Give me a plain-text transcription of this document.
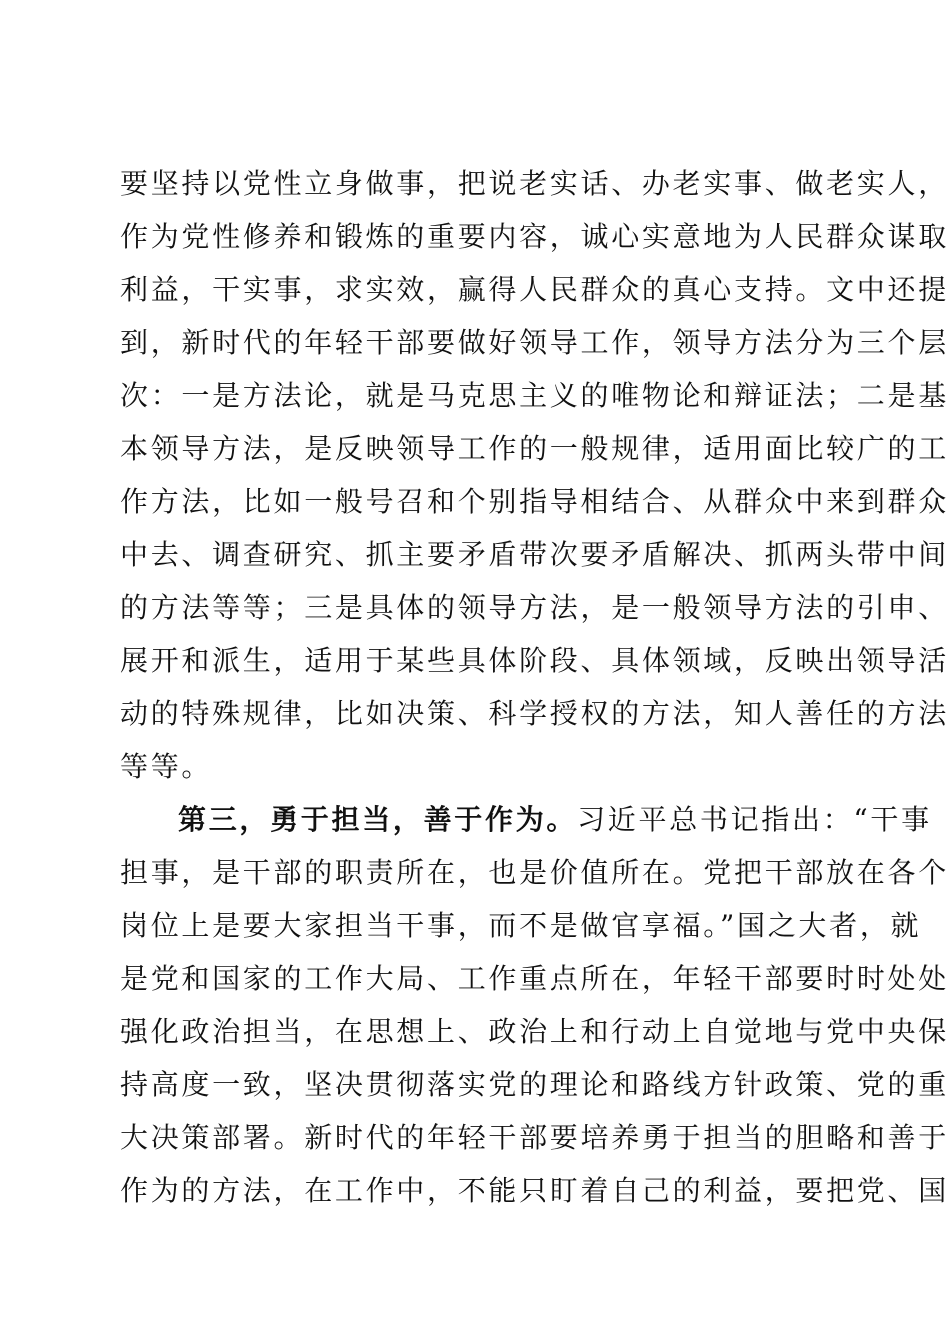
要坚持以党性立身做事，把说老实话、办老实事、做老实人，
作为党性修养和锻炼的重要内容，诚心实意地为人民群众谋取
利益，干实事，求实效，赢得人民群众的真心支持。文中还提
到，新时代的年轻干部要做好领导工作，领导方法分为三个层
次：一是方法论，就是马克思主义的唯物论和辩证法；二是基
本领导方法，是反映领导工作的一般规律，适用面比较广的工
作方法，比如一般号召和个别指导相结合、从群众中来到群众
中去、调查研究、抓主要矛盾带次要矛盾解决、抓两头带中间
的方法等等；三是具体的领导方法，是一般领导方法的引申、
展开和派生，适用于某些具体阶段、具体领域，反映出领导活
动的特殊规律，比如决策、科学授权的方法，知人善任的方法
等等。
第三，勇于担当，善于作为。习近平总书记指出：“干事
担事，是干部的职责所在，也是价值所在。党把干部放在各个
岗位上是要大家担当干事，而不是做官享福。”国之大者，就
是党和国家的工作大局、工作重点所在，年轻干部要时时处处
强化政治担当，在思想上、政治上和行动上自觉地与党中央保
持高度一致，坚决贯彻落实党的理论和路线方针政策、党的重
大决策部署。新时代的年轻干部要培养勇于担当的胆略和善于
作为的方法，在工作中，不能只盯着自己的利益，要把党、国
